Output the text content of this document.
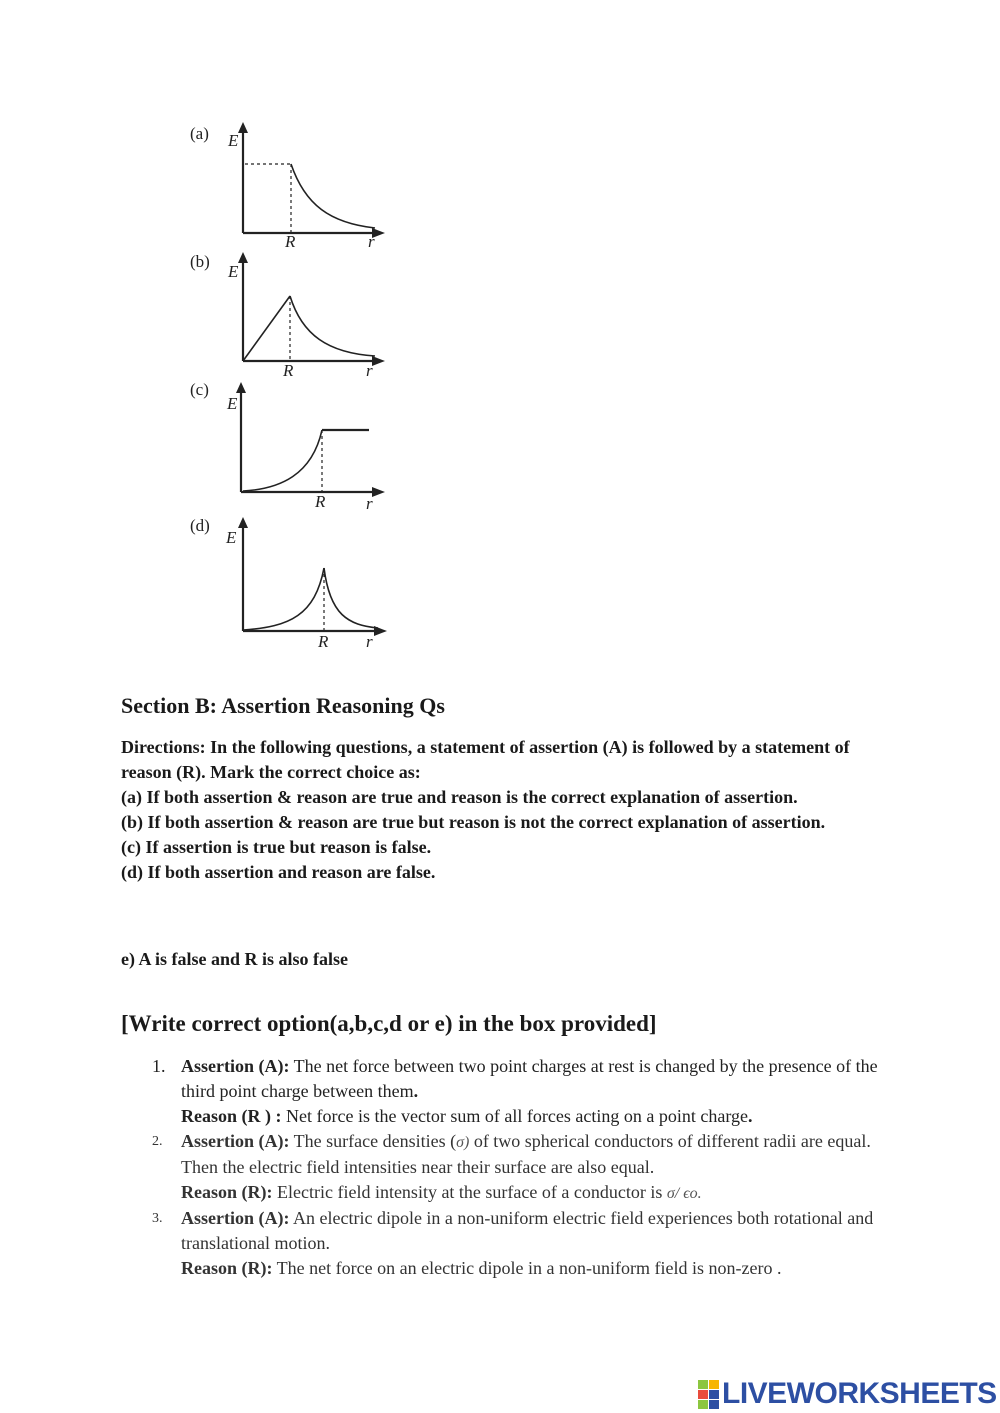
(a) E
R	r
(b)
E
R	r
(c)
E
R r
(d)
E
R r
Section B: Assertion Reasoning Qs

Directions: In the following questions, a statement of assertion (A) is followed by a statement of reason (R). Mark the correct choice as:

(a) If both assertion & reason are true and reason is the correct explanation of assertion.

(b) If both assertion & reason are true but reason is not the correct explanation of assertion.

(c) If assertion is true but reason is false.

(d) If both assertion and reason are false.

e) A is false and R is also false

[Write correct option(a,b,c,d or e) in the box provided]
1. Assertion (A): The net force between two point charges at rest is changed by the presence of the third point charge between them.
Reason (R ) : Net force is the vector sum of all forces acting on a point charge.
2. Assertion (A): The surface densities (σ) of two spherical conductors of different radii are equal. Then the electric field intensities near their surface are also equal.
Reason (R): Electric field intensity at the surface of a conductor is σ/ ϵo.
3. Assertion (A): An electric dipole in a non-uniform electric field experiences both rotational and translational motion.
Reason (R): The net force on an electric dipole in a non-uniform field is non-zero .
LIVEWORKSHEETS
